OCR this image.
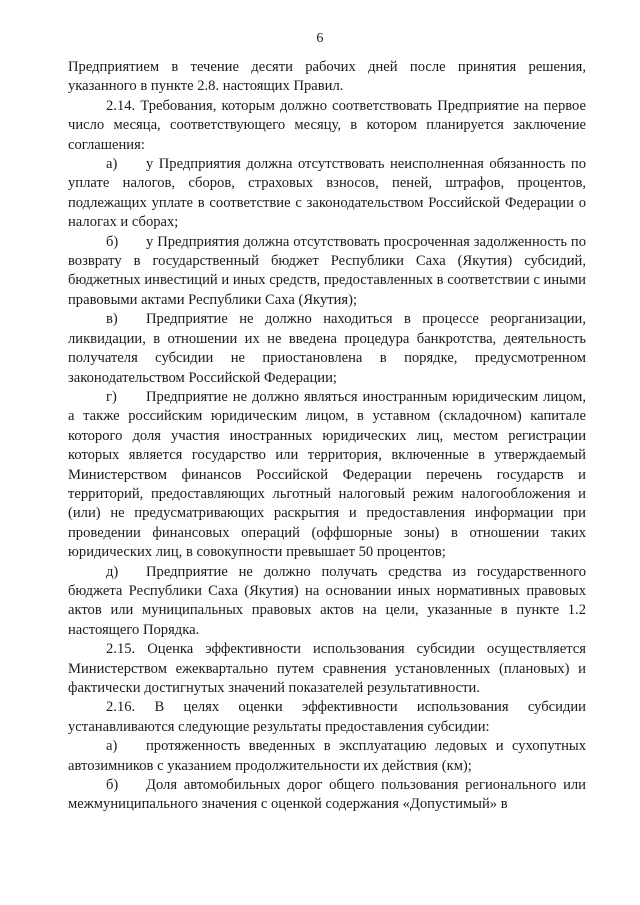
6

Предприятием в течение десяти рабочих дней после принятия решения, указанного в пункте 2.8. настоящих Правил.

2.14. Требования, которым должно соответствовать Предприятие на первое число месяца, соответствующего месяцу, в котором планируется заключение соглашения:

а) у Предприятия должна отсутствовать неисполненная обязанность по уплате налогов, сборов, страховых взносов, пеней, штрафов, процентов, подлежащих уплате в соответствие с законодательством Российской Федерации о налогах и сборах;

б) у Предприятия должна отсутствовать просроченная задолженность по возврату в государственный бюджет Республики Саха (Якутия) субсидий, бюджетных инвестиций и иных средств, предоставленных в соответствии с иными правовыми актами Республики Саха (Якутия);

в) Предприятие не должно находиться в процессе реорганизации, ликвидации, в отношении их не введена процедура банкротства, деятельность получателя субсидии не приостановлена в порядке, предусмотренном законодательством Российской Федерации;

г) Предприятие не должно являться иностранным юридическим лицом, а также российским юридическим лицом, в уставном (складочном) капитале которого доля участия иностранных юридических лиц, местом регистрации которых является государство или территория, включенные в утверждаемый Министерством финансов Российской Федерации перечень государств и территорий, предоставляющих льготный налоговый режим налогообложения и (или) не предусматривающих раскрытия и предоставления информации при проведении финансовых операций (оффшорные зоны) в отношении таких юридических лиц, в совокупности превышает 50 процентов;

д) Предприятие не должно получать средства из государственного бюджета Республики Саха (Якутия) на основании иных нормативных правовых актов или муниципальных правовых актов на цели, указанные в пункте 1.2 настоящего Порядка.

2.15. Оценка эффективности использования субсидии осуществляется Министерством ежеквартально путем сравнения установленных (плановых) и фактически достигнутых значений показателей результативности.

2.16. В целях оценки эффективности использования субсидии устанавливаются следующие результаты предоставления субсидии:

а) протяженность введенных в эксплуатацию ледовых и сухопутных автозимников с указанием продолжительности их действия (км);

б) Доля автомобильных дорог общего пользования регионального или межмуниципального значения с оценкой содержания «Допустимый» в
